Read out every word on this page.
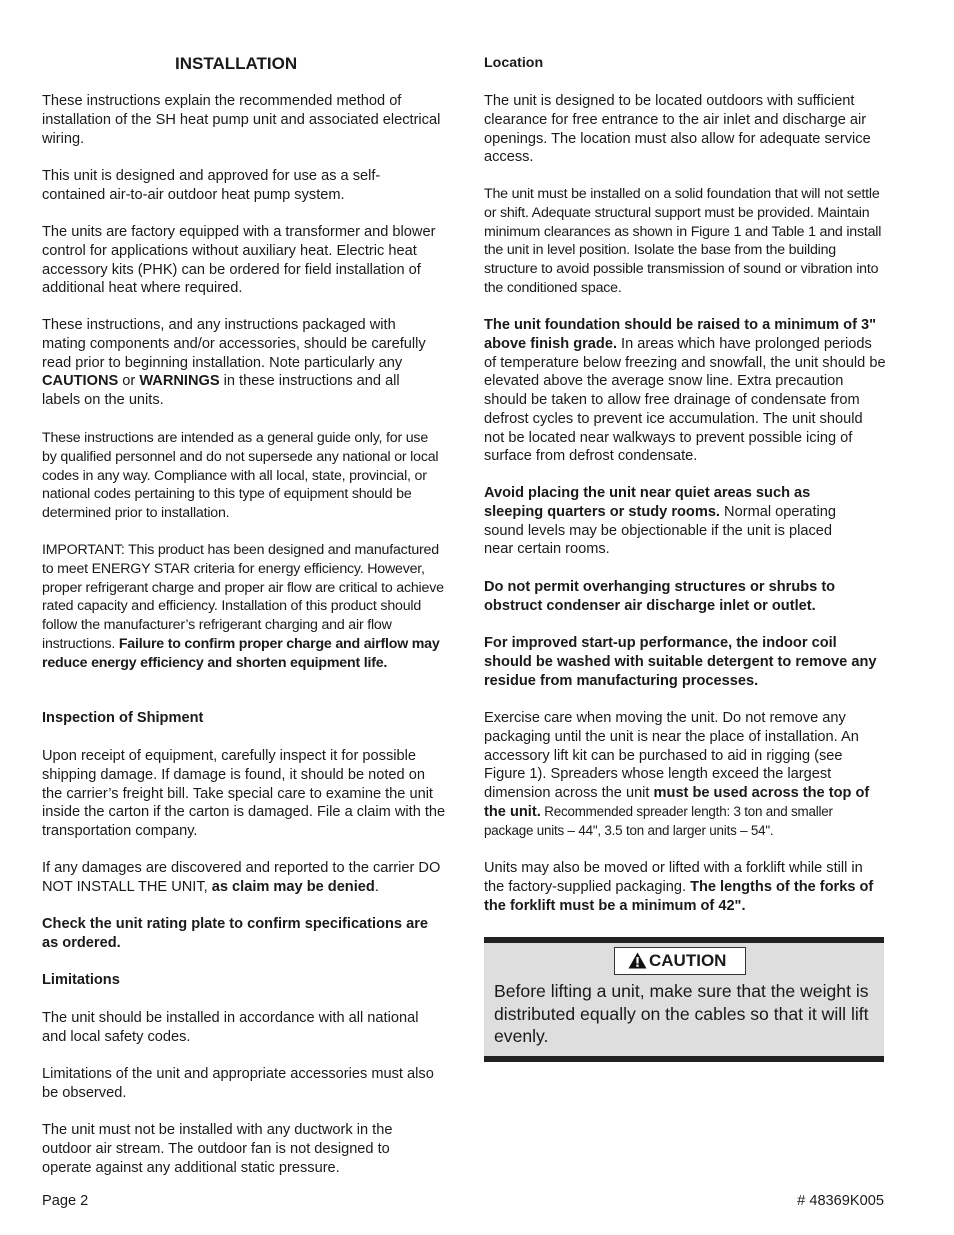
INSTALLATION

These instructions explain the recommended method of installation of the SH heat pump unit and associated electrical wiring.

This unit is designed and approved for use as a self-contained air-to-air outdoor heat pump system.

The units are factory equipped with a transformer and blower control for applications without auxiliary heat. Electric heat accessory kits (PHK) can be ordered for field installation of additional heat where required.

These instructions, and any instructions packaged with mating components and/or accessories, should be carefully read prior to beginning installation. Note particularly any CAUTIONS or WARNINGS in these instructions and all labels on the units.

These instructions are intended as a general guide only, for use by qualified personnel and do not supersede any national or local codes in any way. Compliance with all local, state, provincial, or national codes pertaining to this type of equipment should be determined prior to installation.

IMPORTANT: This product has been designed and manufactured to meet ENERGY STAR criteria for energy efficiency. However, proper refrigerant charge and proper air flow are critical to achieve rated capacity and efficiency. Installation of this product should follow the manufacturer’s refrigerant charging and air flow instructions. Failure to confirm proper charge and airflow may reduce energy efficiency and shorten equipment life.

Inspection of Shipment

Upon receipt of equipment, carefully inspect it for possible shipping damage. If damage is found, it should be noted on the carrier’s freight bill. Take special care to examine the unit inside the carton if the carton is damaged. File a claim with the transportation company.

If any damages are discovered and reported to the carrier DO NOT INSTALL THE UNIT, as claim may be denied.

Check the unit rating plate to confirm specifications are as ordered.

Limitations

The unit should be installed in accordance with all national and local safety codes.

Limitations of the unit and appropriate accessories must also be observed.

The unit must not be installed with any ductwork in the outdoor air stream. The outdoor fan is not designed to operate against any additional static pressure.

Location

The unit is designed to be located outdoors with sufficient clearance for free entrance to the air inlet and discharge air openings. The location must also allow for adequate service access.

The unit must be installed on a solid foundation that will not settle or shift. Adequate structural support must be provided. Maintain minimum clearances as shown in Figure 1 and Table 1 and install the unit in level position. Isolate the base from the building structure to avoid possible transmission of sound or vibration into the conditioned space.

The unit foundation should be raised to a minimum of 3" above finish grade. In areas which have prolonged periods of temperature below freezing and snowfall, the unit should be elevated above the average snow line. Extra precaution should be taken to allow free drainage of condensate from defrost cycles to prevent ice accumulation. The unit should not be located near walkways to prevent possible icing of surface from defrost condensate.

Avoid placing the unit near quiet areas such as sleeping quarters or study rooms. Normal operating sound levels may be objectionable if the unit is placed near certain rooms.

Do not permit overhanging structures or shrubs to obstruct condenser air discharge inlet or outlet.

For improved start-up performance, the indoor coil should be washed with suitable detergent to remove any residue from manufacturing processes.

Exercise care when moving the unit. Do not remove any packaging until the unit is near the place of installation. An accessory lift kit can be purchased to aid in rigging (see Figure 1). Spreaders whose length exceed the largest dimension across the unit must be used across the top of the unit. Recommended spreader length: 3 ton and smaller package units – 44", 3.5 ton and larger units – 54".

Units may also be moved or lifted with a forklift while still in the factory-supplied packaging. The lengths of the forks of the forklift must be a minimum of 42".

CAUTION
Before lifting a unit, make sure that the weight is distributed equally on the cables so that it will lift evenly.
Page 2	# 48369K005
